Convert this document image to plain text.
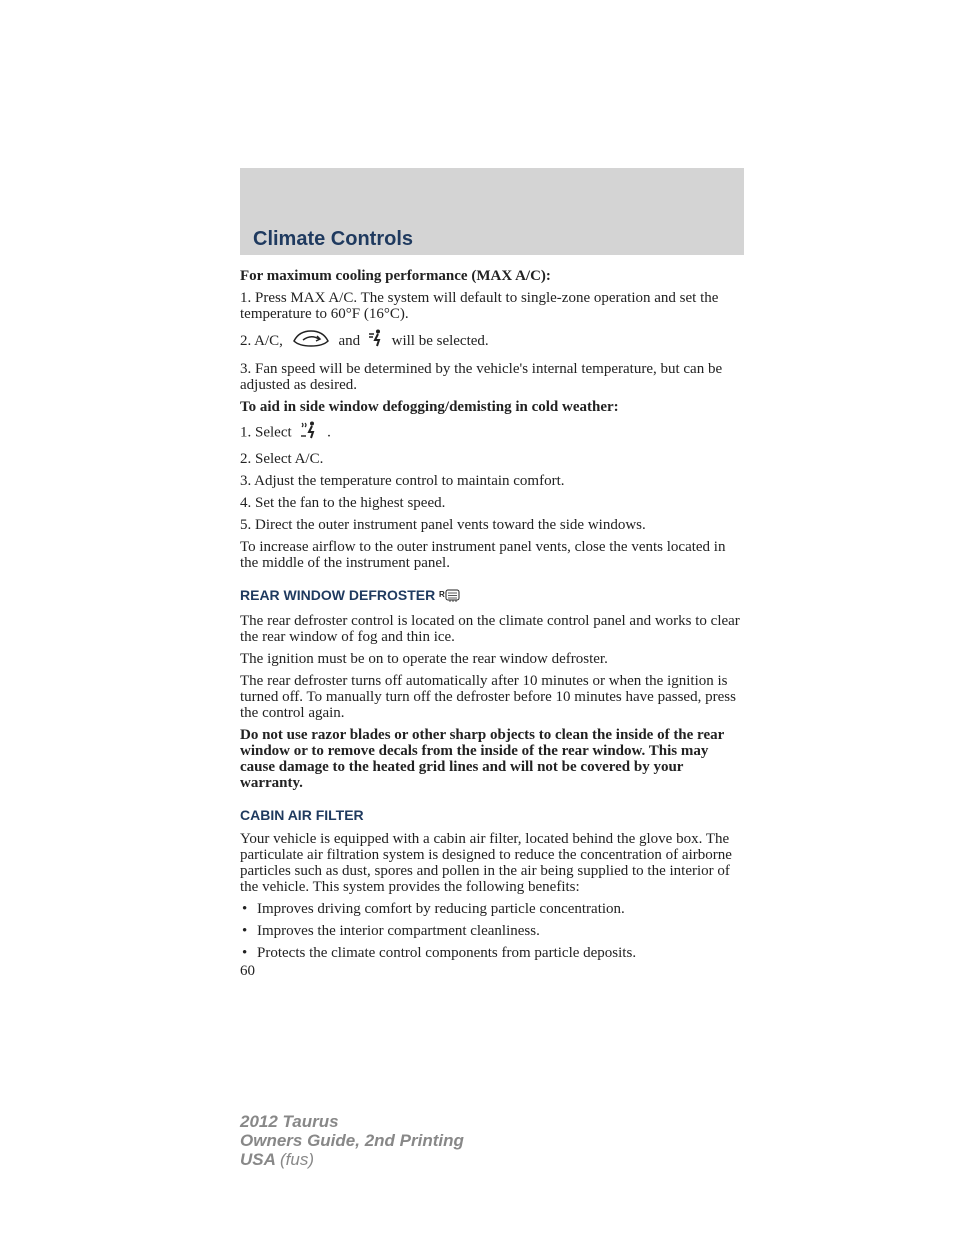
Climate Controls

For maximum cooling performance (MAX A/C):

1. Press MAX A/C. The system will default to single-zone operation and set the temperature to 60°F (16°C).

2. A/C,	and will be selected.

3. Fan speed will be determined by the vehicle's internal temperature, but can be adjusted as desired.

To aid in side window defogging/demisting in cold weather:

1. Select .

2. Select A/C.

3. Adjust the temperature control to maintain comfort.

4. Set the fan to the highest speed.

5. Direct the outer instrument panel vents toward the side windows.

To increase airflow to the outer instrument panel vents, close the vents located in the middle of the instrument panel.

REAR WINDOW DEFROSTER R

The rear defroster control is located on the climate control panel and works to clear the rear window of fog and thin ice.

The ignition must be on to operate the rear window defroster.

The rear defroster turns off automatically after 10 minutes or when the ignition is turned off. To manually turn off the defroster before 10 minutes have passed, press the control again.

Do not use razor blades or other sharp objects to clean the inside of the rear window or to remove decals from the inside of the rear window. This may cause damage to the heated grid lines and will not be covered by your warranty.

CABIN AIR FILTER

Your vehicle is equipped with a cabin air filter, located behind the glove box. The particulate air filtration system is designed to reduce the concentration of airborne particles such as dust, spores and pollen in the air being supplied to the interior of the vehicle. This system provides the following benefits:

• Improves driving comfort by reducing particle concentration.

• Improves the interior compartment cleanliness.

• Protects the climate control components from particle deposits.

60

2012 Taurus
Owners Guide, 2nd Printing
USA (fus)
